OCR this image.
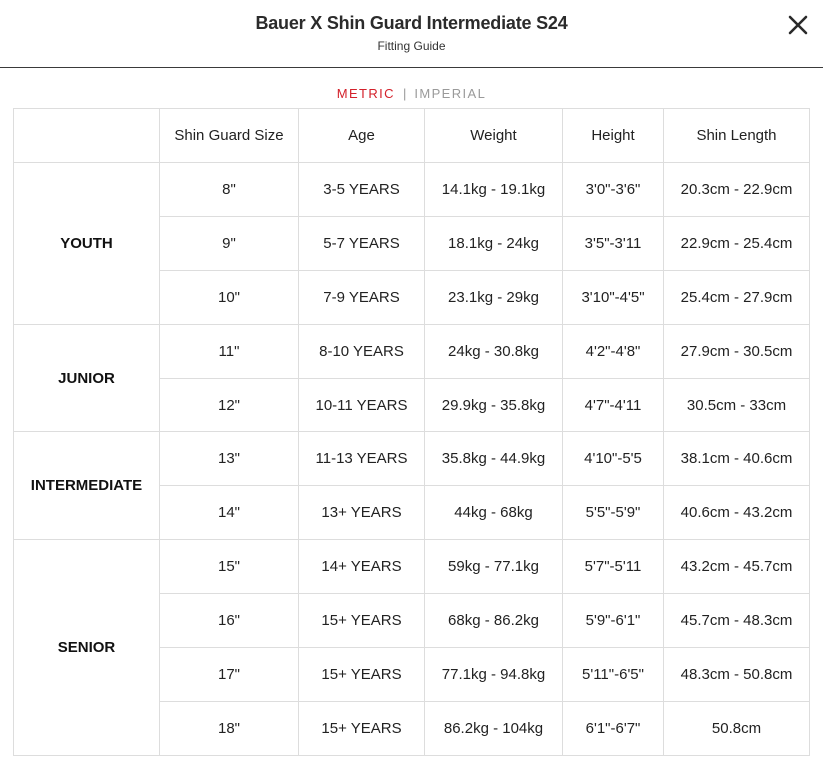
Bauer X Shin Guard Intermediate S24
Fitting Guide
METRIC | IMPERIAL
	Shin Guard Size	Age	Weight	Height	Shin Length
YOUTH	8"	3-5 YEARS	14.1kg - 19.1kg	3'0"-3'6"	20.3cm - 22.9cm
	9"	5-7 YEARS	18.1kg - 24kg	3'5"-3'11	22.9cm - 25.4cm
	10"	7-9 YEARS	23.1kg - 29kg	3'10"-4'5"	25.4cm - 27.9cm
JUNIOR	11"	8-10 YEARS	24kg - 30.8kg	4'2"-4'8"	27.9cm - 30.5cm
	12"	10-11 YEARS	29.9kg - 35.8kg	4'7"-4'11	30.5cm - 33cm
INTERMEDIATE	13"	11-13 YEARS	35.8kg - 44.9kg	4'10"-5'5	38.1cm - 40.6cm
	14"	13+ YEARS	44kg - 68kg	5'5"-5'9"	40.6cm - 43.2cm
SENIOR	15"	14+ YEARS	59kg - 77.1kg	5'7"-5'11	43.2cm - 45.7cm
	16"	15+ YEARS	68kg - 86.2kg	5'9"-6'1"	45.7cm - 48.3cm
	17"	15+ YEARS	77.1kg - 94.8kg	5'11"-6'5"	48.3cm - 50.8cm
	18"	15+ YEARS	86.2kg - 104kg	6'1"-6'7"	50.8cm
